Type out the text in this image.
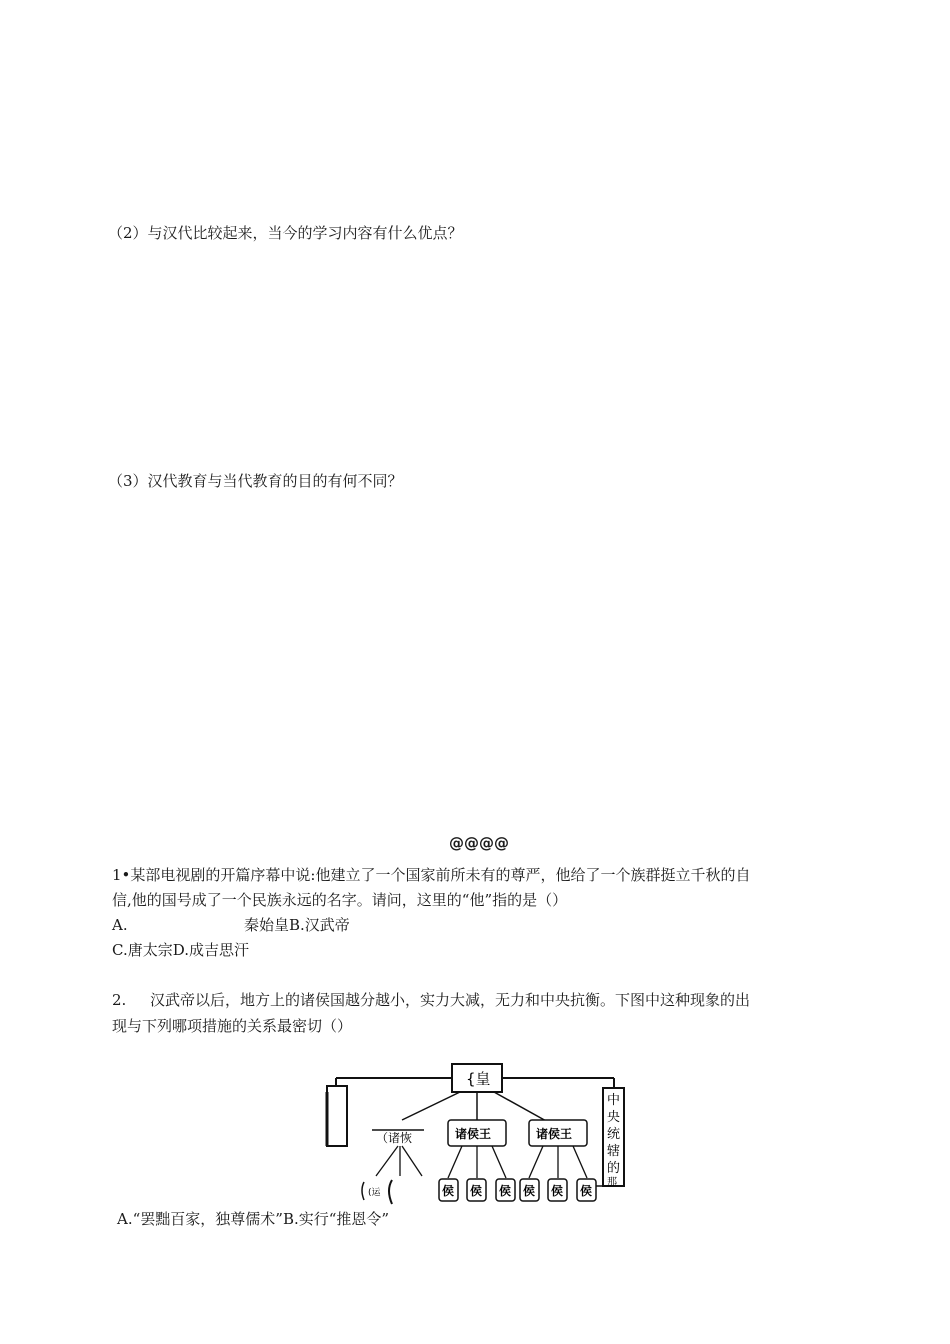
（2）与汉代比较起来，当今的学习内容有什么优点？
（3）汉代教育与当代教育的目的有何不同？
@@@@
1•某部电视剧的开篇序幕中说:他建立了一个国家前所未有的尊严，他给了一个族群挺立千秋的自
信,他的国号成了一个民族永远的名字。请问，这里的“他”指的是（）
A.	秦始皇B.汉武帝
C.唐太宗D.成吉思汗
2. 汉武帝以后，地方上的诸侯国越分越小，实力大减，无力和中央抗衡。下图中这种现象的出
现与下列哪项措施的关系最密切（）
{皇
（诸恢	诸侯王	诸侯王
(运	侯 侯 侯 侯 侯 侯
中
央
统
辖
的
那
A.“罢黜百家，独尊儒术”B.实行“推恩令”
